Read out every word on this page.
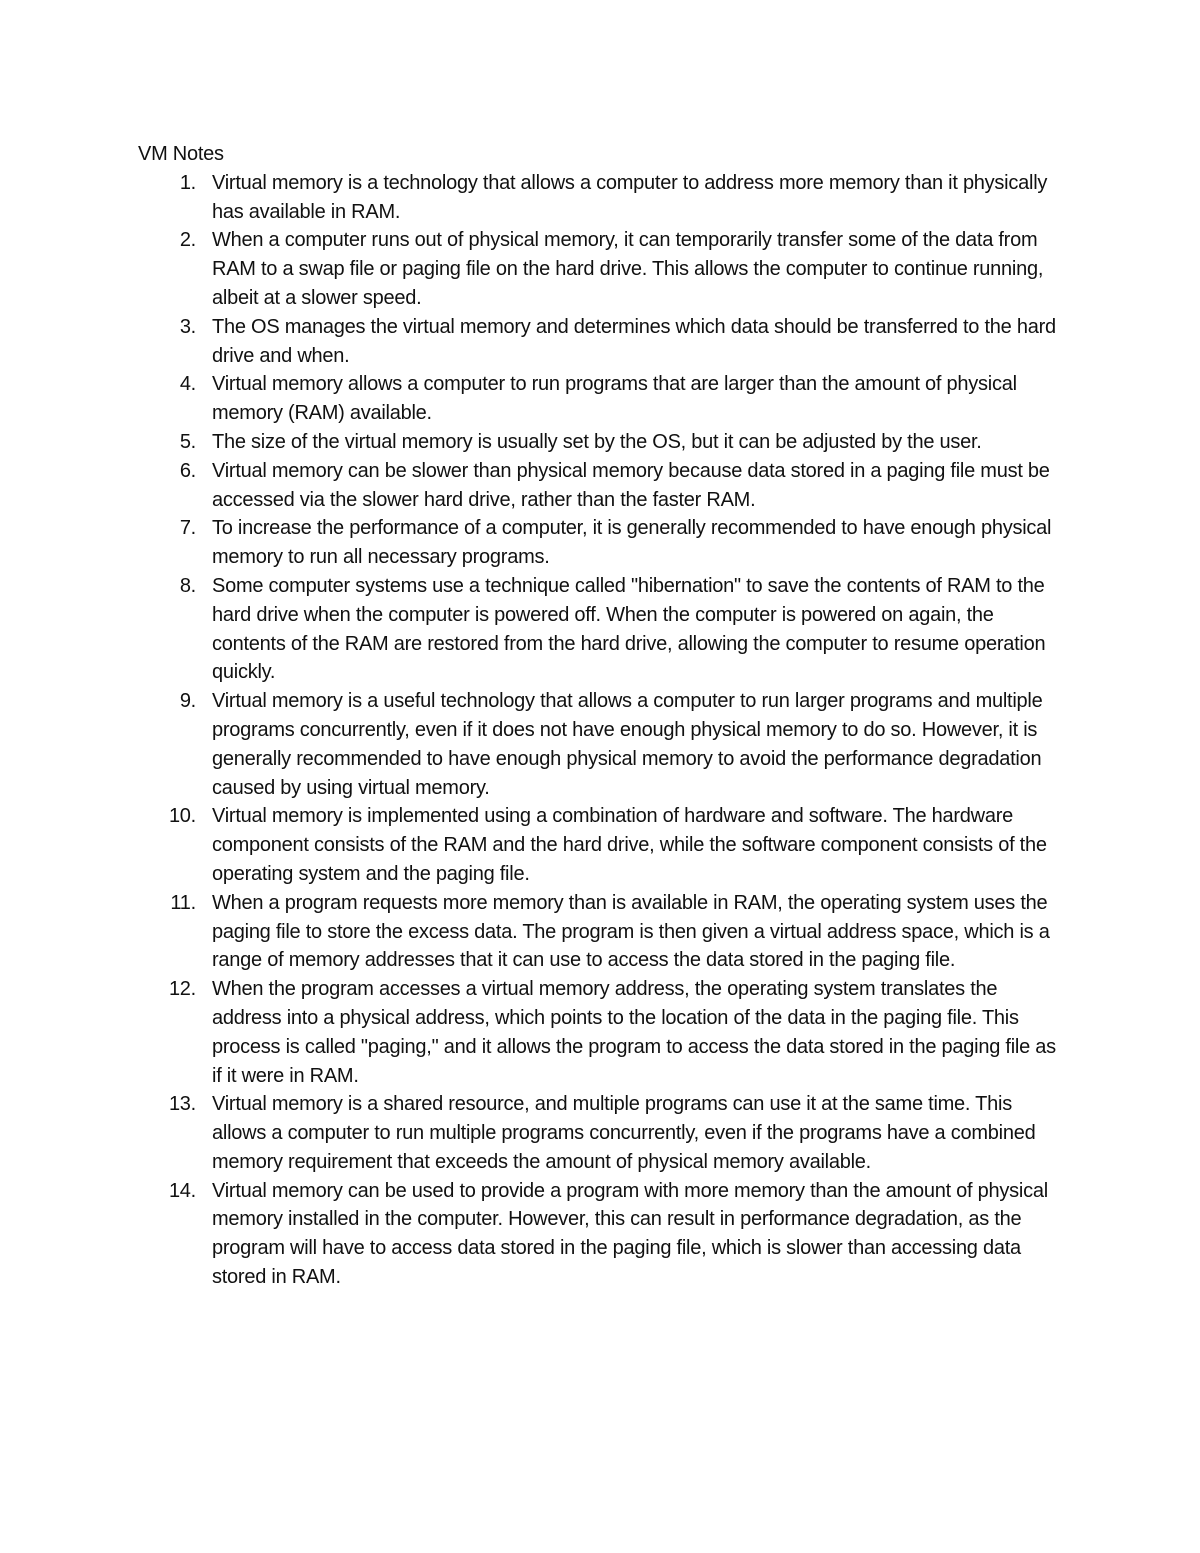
VM Notes
1. Virtual memory is a technology that allows a computer to address more memory than it physically has available in RAM.
2. When a computer runs out of physical memory, it can temporarily transfer some of the data from RAM to a swap file or paging file on the hard drive. This allows the computer to continue running, albeit at a slower speed.
3. The OS manages the virtual memory and determines which data should be transferred to the hard drive and when.
4. Virtual memory allows a computer to run programs that are larger than the amount of physical memory (RAM) available.
5. The size of the virtual memory is usually set by the OS, but it can be adjusted by the user.
6. Virtual memory can be slower than physical memory because data stored in a paging file must be accessed via the slower hard drive, rather than the faster RAM.
7. To increase the performance of a computer, it is generally recommended to have enough physical memory to run all necessary programs.
8. Some computer systems use a technique called "hibernation" to save the contents of RAM to the hard drive when the computer is powered off. When the computer is powered on again, the contents of the RAM are restored from the hard drive, allowing the computer to resume operation quickly.
9. Virtual memory is a useful technology that allows a computer to run larger programs and multiple programs concurrently, even if it does not have enough physical memory to do so. However, it is generally recommended to have enough physical memory to avoid the performance degradation caused by using virtual memory.
10. Virtual memory is implemented using a combination of hardware and software. The hardware component consists of the RAM and the hard drive, while the software component consists of the operating system and the paging file.
11. When a program requests more memory than is available in RAM, the operating system uses the paging file to store the excess data. The program is then given a virtual address space, which is a range of memory addresses that it can use to access the data stored in the paging file.
12. When the program accesses a virtual memory address, the operating system translates the address into a physical address, which points to the location of the data in the paging file. This process is called "paging," and it allows the program to access the data stored in the paging file as if it were in RAM.
13. Virtual memory is a shared resource, and multiple programs can use it at the same time. This allows a computer to run multiple programs concurrently, even if the programs have a combined memory requirement that exceeds the amount of physical memory available.
14. Virtual memory can be used to provide a program with more memory than the amount of physical memory installed in the computer. However, this can result in performance degradation, as the program will have to access data stored in the paging file, which is slower than accessing data stored in RAM.
